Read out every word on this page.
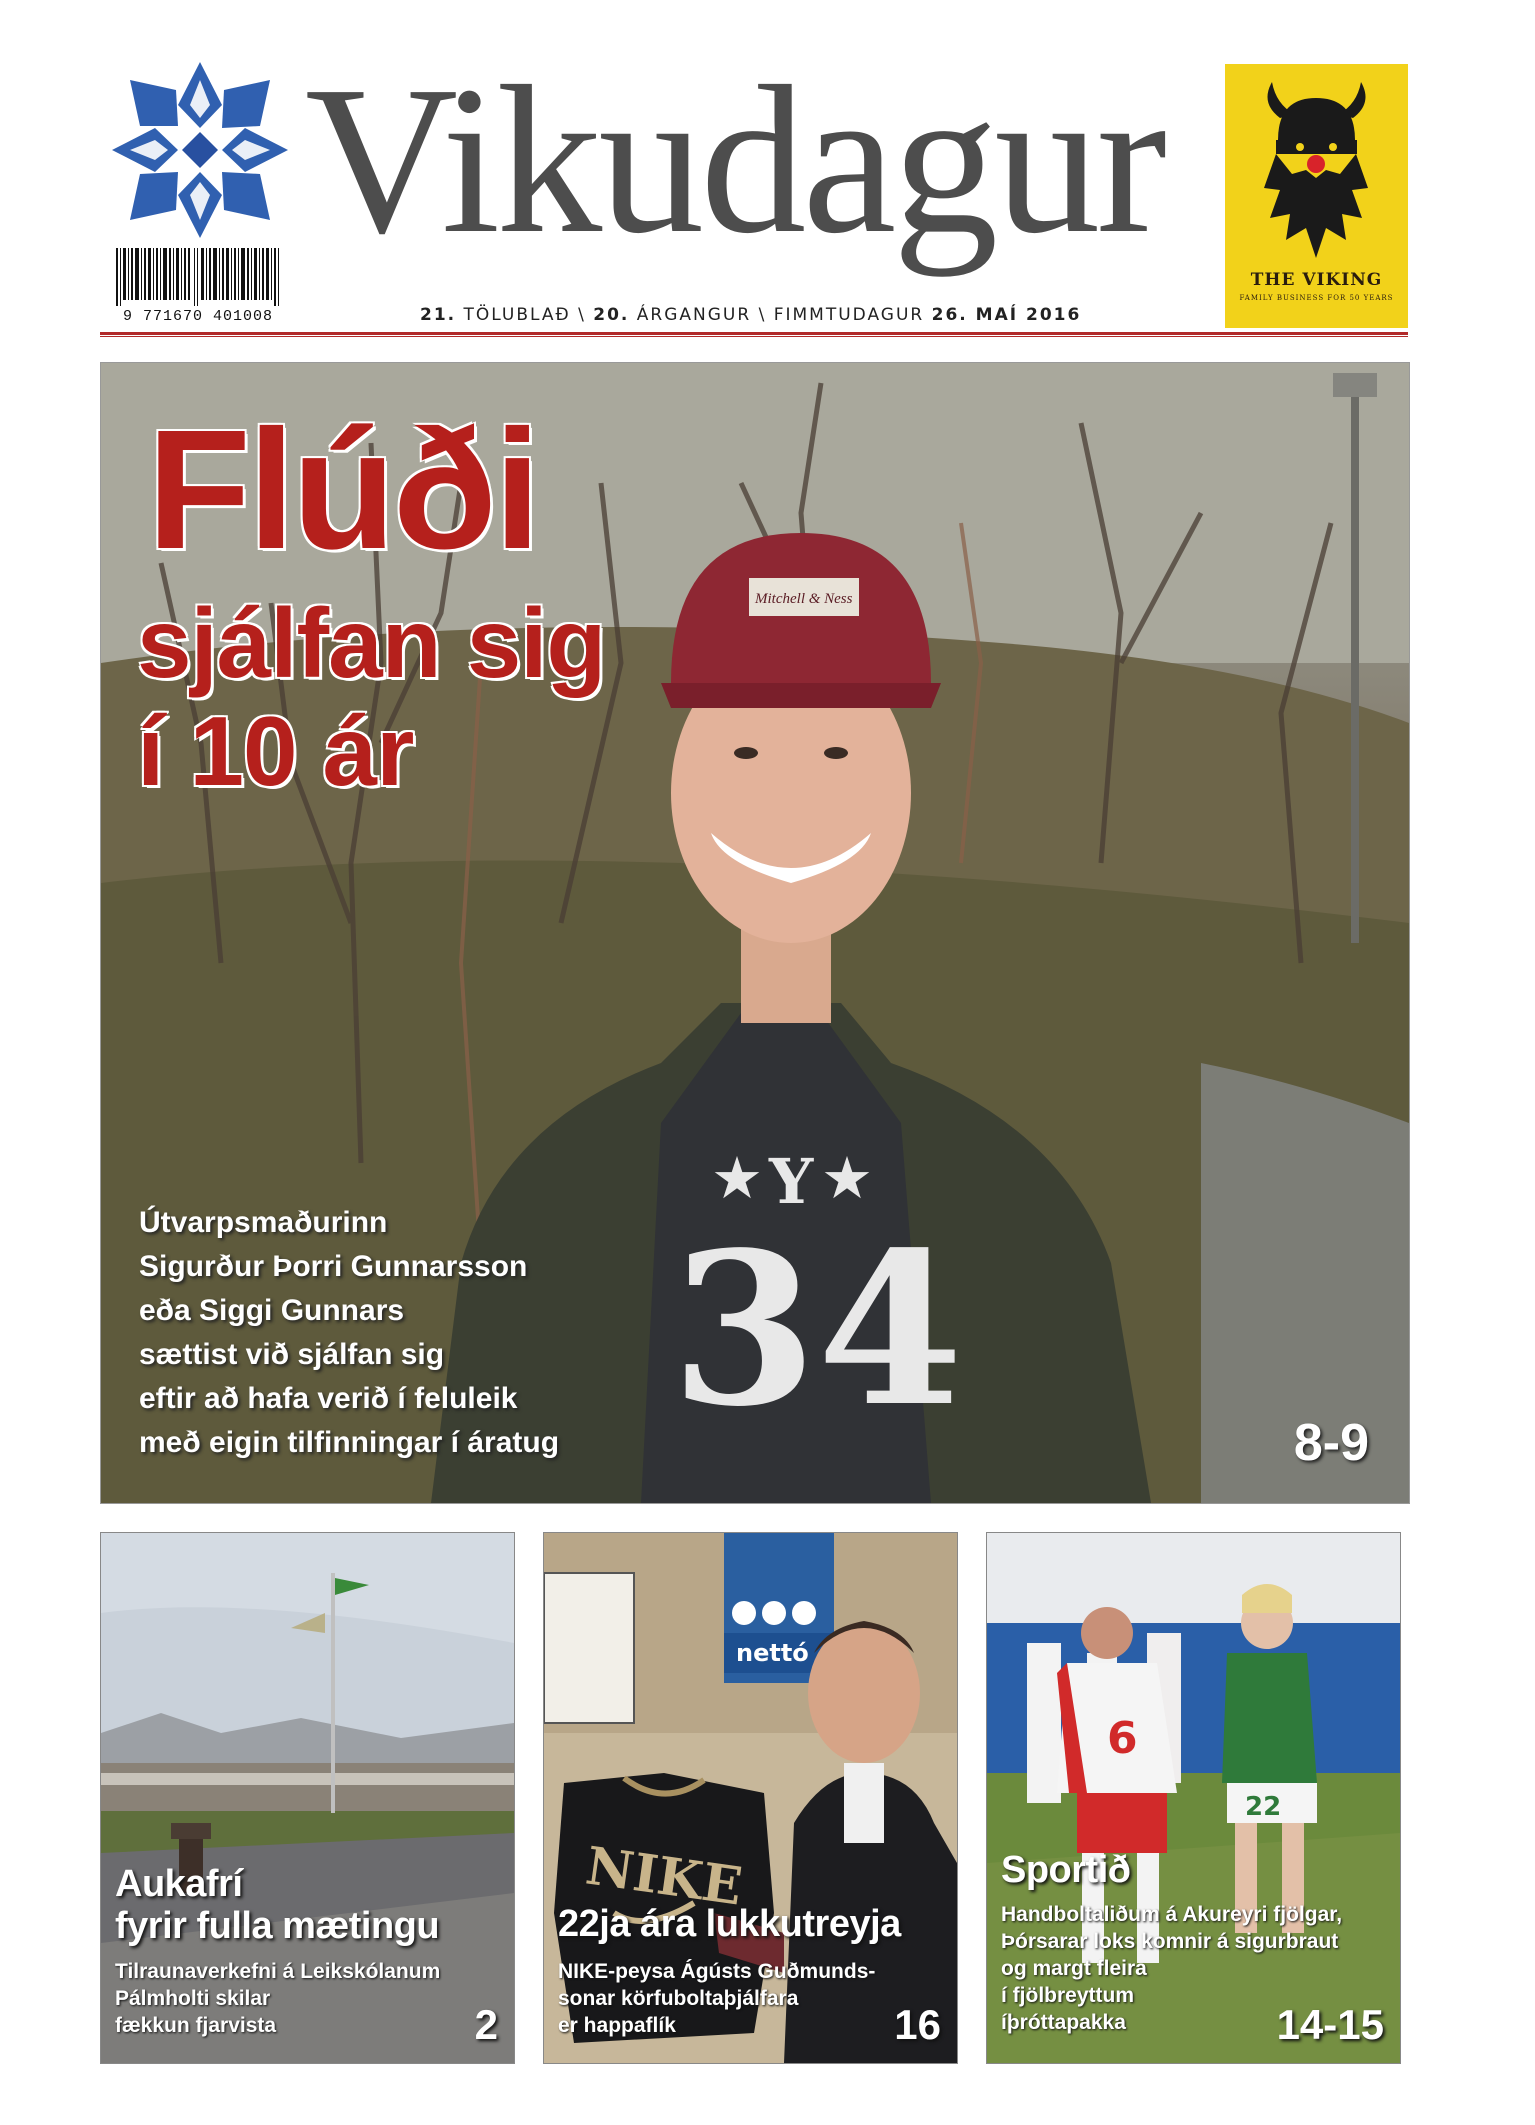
Vikudagur
9 771670 401008	21. TÖLUBLAÐ \ 20. ÁRGANGUR \ FIMMTUDAGUR 26. MAÍ 2016
THE VIKING
FAMILY BUSINESS FOR 50 YEARS
★ Y ★
34
Mitchell & Ness
Flúði
sjálfan sig
í 10 ár
Útvarpsmaðurinn
Sigurður Þorri Gunnarsson
eða Siggi Gunnars
sættist við sjálfan sig
eftir að hafa verið í feluleik
með eigin tilfinningar í áratug	8-9
Aukafrí
fyrir fulla mætingu
Tilraunaverkefni á Leikskólanum
Pálmholti skilar
fækkun fjarvista	2
nettó
NIKE
22ja ára lukkutreyja
NIKE-peysa Ágústs Guðmunds-
sonar körfuboltaþjálfara
er happaflík	16
6
22
Sportið
Handboltaliðum á Akureyri fjölgar,
Þórsarar loks komnir á sigurbraut
og margt fleira
í fjölbreyttum
íþróttapakka	14-15
